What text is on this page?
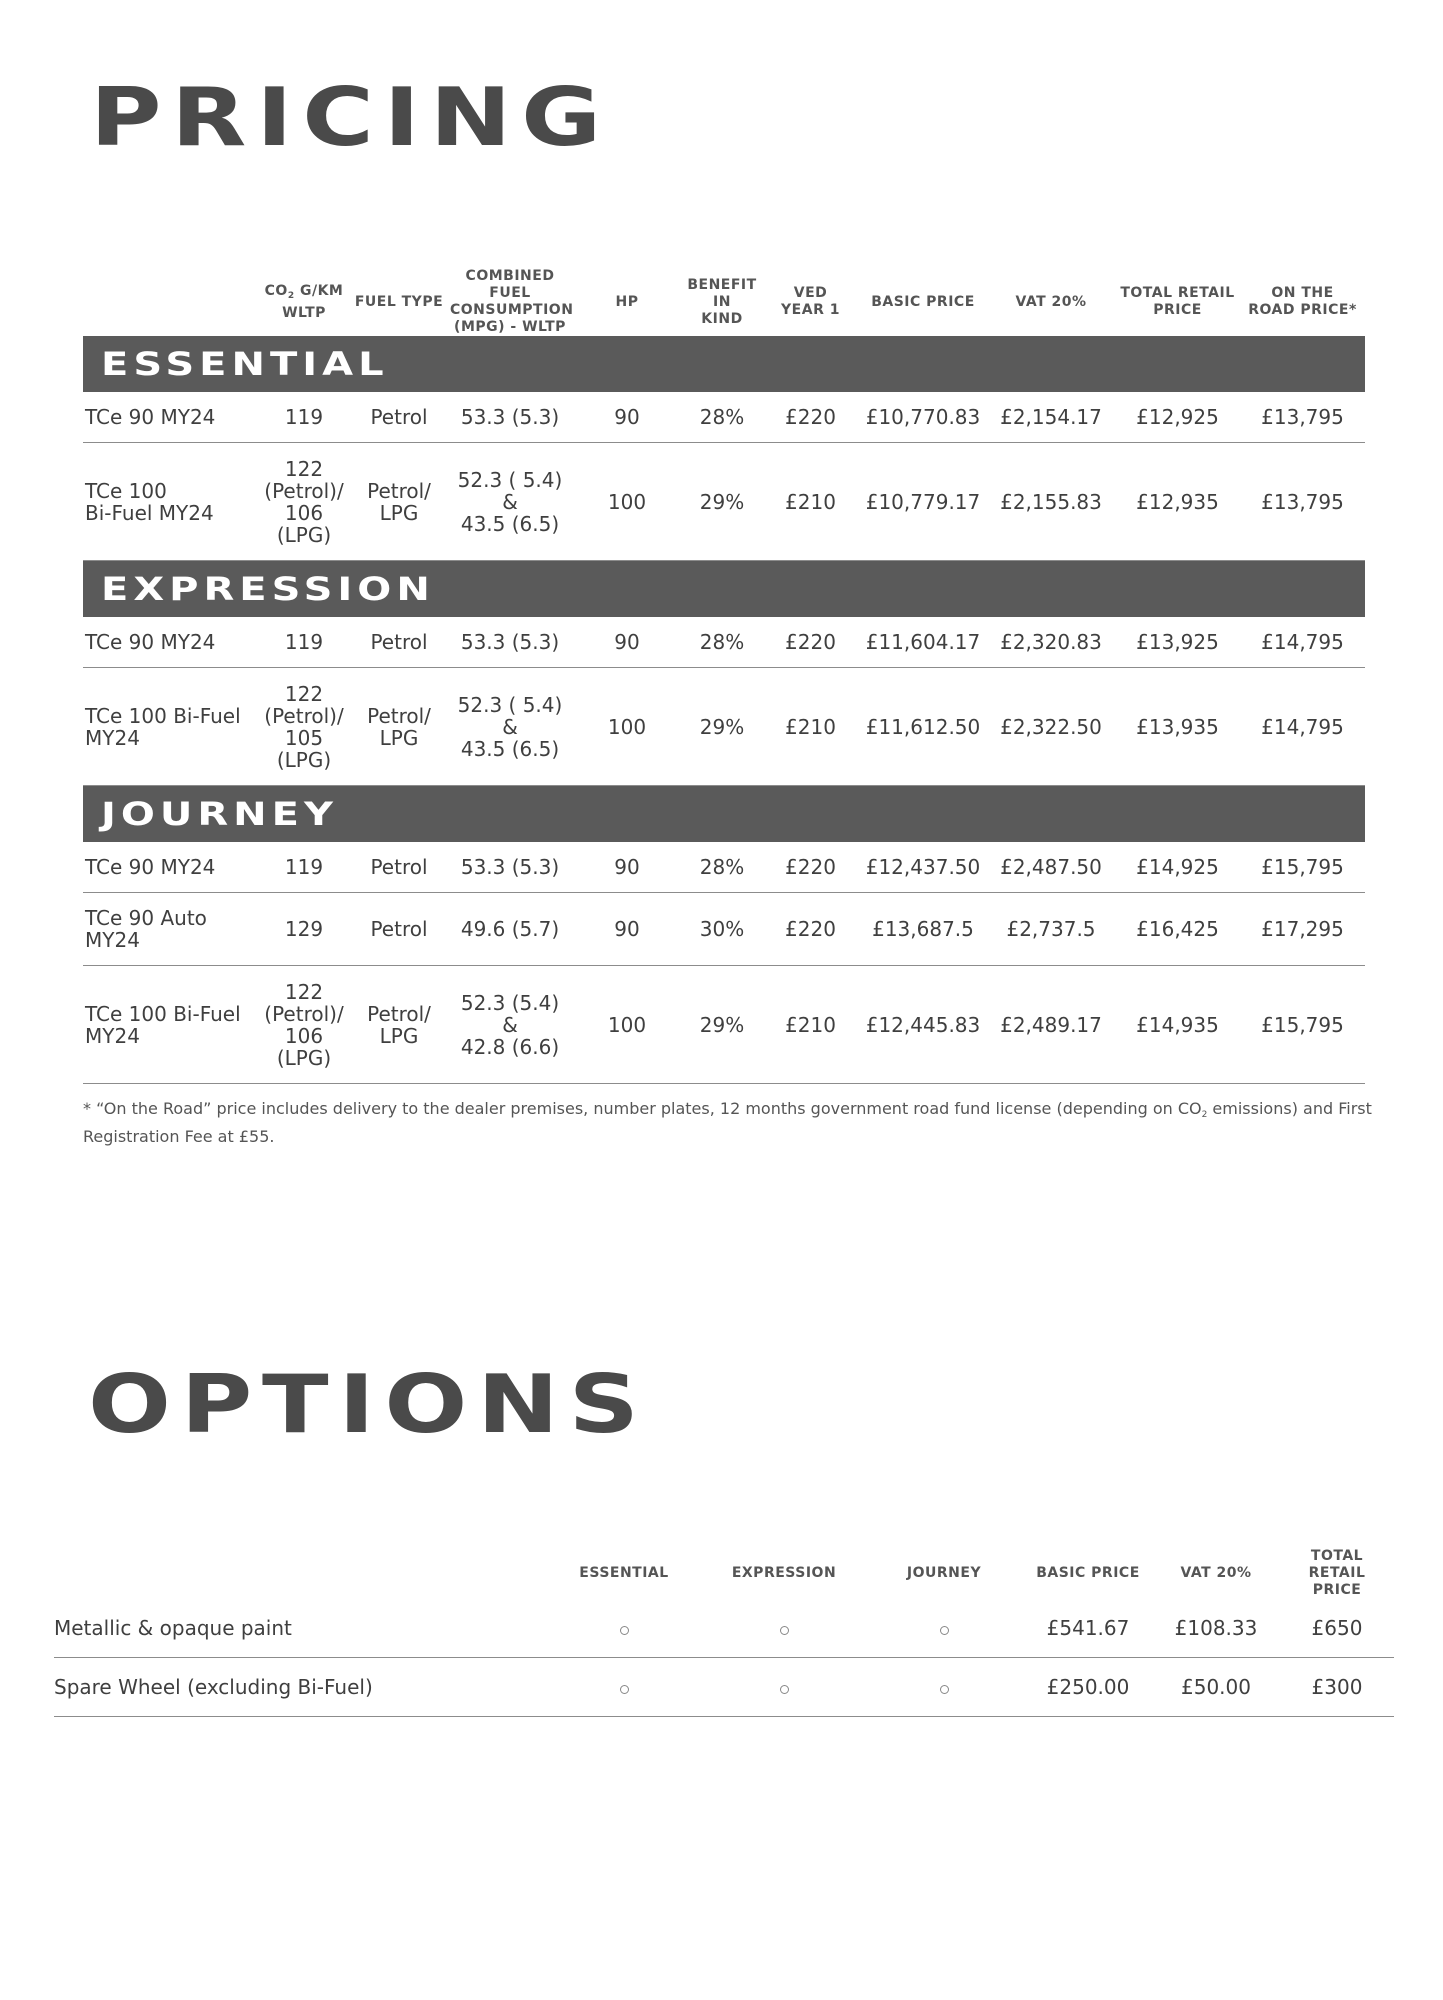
PRICING
	$CO_2$ G/KM
WLTP	FUEL TYPE	COMBINED FUEL
CONSUMPTION
(MPG) - WLTP	HP	BENEFIT IN
KIND	VED
YEAR 1	BASIC PRICE	VAT 20%	TOTAL RETAIL
PRICE	ON THE
ROAD PRICE*
ESSENTIAL										
TCe 90 MY24	119	Petrol	53.3 (5.3)	90	28%	£220	£10,770.83	£2,154.17	£12,925	£13,795
TCe 100
Bi-Fuel MY24	122
(Petrol)/
106
(LPG)	Petrol/
LPG	52.3 ( 5.4) &
43.5 (6.5)	100	29%	£210	£10,779.17	£2,155.83	£12,935	£13,795
EXPRESSION										
TCe 90 MY24	119	Petrol	53.3 (5.3)	90	28%	£220	£11,604.17	£2,320.83	£13,925	£14,795
TCe 100 Bi-Fuel
MY24	122
(Petrol)/
105
(LPG)	Petrol/
LPG	52.3 ( 5.4) &
43.5 (6.5)	100	29%	£210	£11,612.50	£2,322.50	£13,935	£14,795
JOURNEY										
TCe 90 MY24	119	Petrol	53.3 (5.3)	90	28%	£220	£12,437.50	£2,487.50	£14,925	£15,795
TCe 90 Auto
MY24	129	Petrol	49.6 (5.7)	90	30%	£220	£13,687.5	£2,737.5	£16,425	£17,295
TCe 100 Bi-Fuel
MY24	122
(Petrol)/
106
(LPG)	Petrol/
LPG	52.3 (5.4) &
42.8 (6.6)	100	29%	£210	£12,445.83	£2,489.17	£14,935	£15,795

* “On the Road” price includes delivery to the dealer premises, number plates, 12 months government road fund license (depending on $CO_2$ emissions) and First Registration Fee at £55.

OPTIONS
	ESSENTIAL	EXPRESSION	JOURNEY	BASIC PRICE	VAT 20%	TOTAL RETAIL
PRICE
Metallic & opaque paint				£541.67	£108.33	£650
Spare Wheel (excluding Bi-Fuel)				£250.00	£50.00	£300
